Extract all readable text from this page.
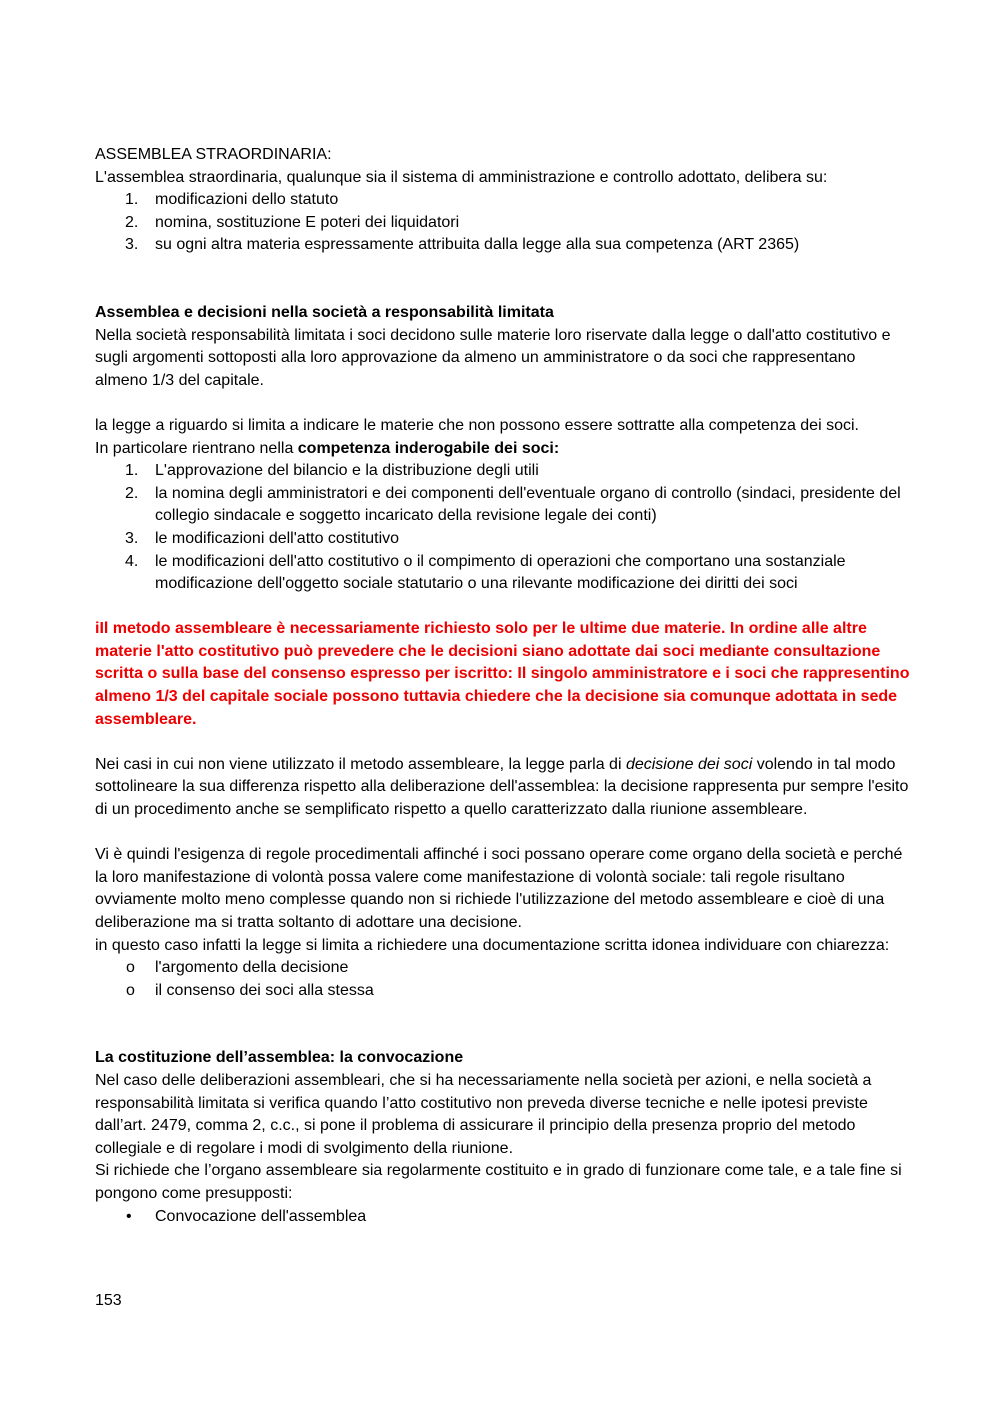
ASSEMBLEA STRAORDINARIA:

L'assemblea straordinaria, qualunque sia il sistema di amministrazione e controllo adottato, delibera su:

1. modificazioni dello statuto
2. nomina, sostituzione E poteri dei liquidatori
3. su ogni altra materia espressamente attribuita dalla legge alla sua competenza (ART 2365)

Assemblea e decisioni nella società a responsabilità limitata

Nella società responsabilità limitata i soci decidono sulle materie loro riservate dalla legge o dall'atto costitutivo e sugli argomenti sottoposti alla loro approvazione da almeno un amministratore o da soci che rappresentano almeno 1/3 del capitale.

la legge a riguardo si limita a indicare le materie che non possono essere sottratte alla competenza dei soci.

In particolare rientrano nella competenza inderogabile dei soci:

1. L'approvazione del bilancio e la distribuzione degli utili
2. la nomina degli amministratori e dei componenti dell'eventuale organo di controllo (sindaci, presidente del collegio sindacale e soggetto incaricato della revisione legale dei conti)
3. le modificazioni dell'atto costitutivo
4. le modificazioni dell'atto costitutivo o il compimento di operazioni che comportano una sostanziale modificazione dell'oggetto sociale statutario o una rilevante modificazione dei diritti dei soci

iIl metodo assembleare è necessariamente richiesto solo per le ultime due materie. In ordine alle altre materie l'atto costitutivo può prevedere che le decisioni siano adottate dai soci mediante consultazione scritta o sulla base del consenso espresso per iscritto: Il singolo amministratore e i soci che rappresentino almeno 1/3 del capitale sociale possono tuttavia chiedere che la decisione sia comunque adottata in sede assembleare.

Nei casi in cui non viene utilizzato il metodo assembleare, la legge parla di decisione dei soci volendo in tal modo sottolineare la sua differenza rispetto alla deliberazione dell'assemblea: la decisione rappresenta pur sempre l'esito di un procedimento anche se semplificato rispetto a quello caratterizzato dalla riunione assembleare.

Vi è quindi l'esigenza di regole procedimentali affinché i soci possano operare come organo della società e perché la loro manifestazione di volontà possa valere come manifestazione di volontà sociale: tali regole risultano ovviamente molto meno complesse quando non si richiede l'utilizzazione del metodo assembleare e cioè di una deliberazione ma si tratta soltanto di adottare una decisione.

in questo caso infatti la legge si limita a richiedere una documentazione scritta idonea individuare con chiarezza:

o l'argomento della decisione
o il consenso dei soci alla stessa

La costituzione dell’assemblea: la convocazione

Nel caso delle deliberazioni assembleari, che si ha necessariamente nella società per azioni, e nella società a responsabilità limitata si verifica quando l’atto costitutivo non preveda diverse tecniche e nelle ipotesi previste dall’art. 2479, comma 2, c.c., si pone il problema di assicurare il principio della presenza proprio del metodo collegiale e di regolare i modi di svolgimento della riunione.

Si richiede che l’organo assembleare sia regolarmente costituito e in grado di funzionare come tale, e a tale fine si pongono come presupposti:

• Convocazione dell'assemblea
153
